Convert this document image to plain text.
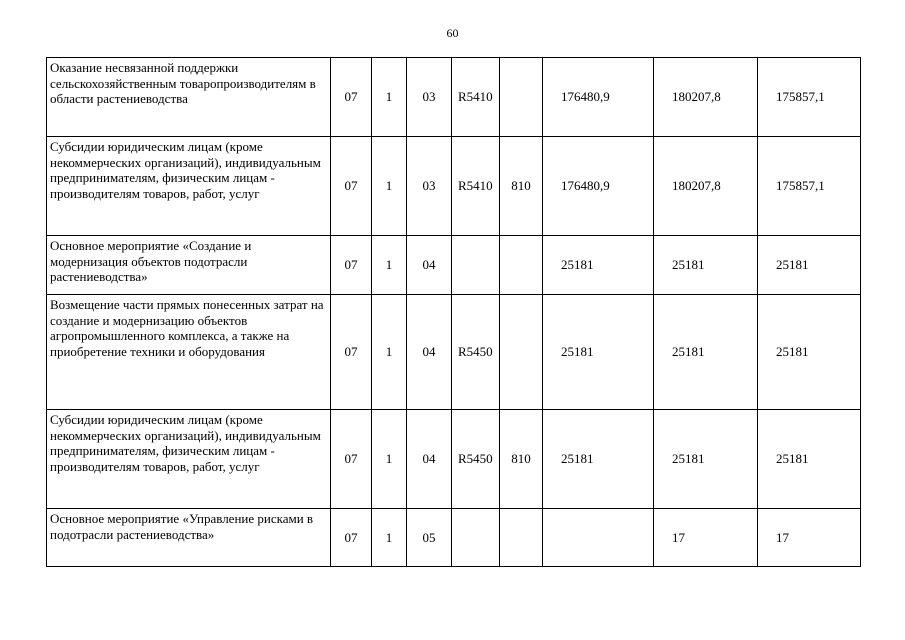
60
Оказание несвязанной поддержки сельскохозяйственным товаропроизводителям в области растениеводства	07	1	03	R5410		176480,9	180207,8	175857,1
Субсидии юридическим лицам (кроме некоммерческих организаций), индивидуальным предпринимателям, физическим лицам - производителям товаров, работ, услуг	07	1	03	R5410	810	176480,9	180207,8	175857,1
Основное мероприятие «Создание и модернизация объектов подотрасли растениеводства»	07	1	04			25181	25181	25181
Возмещение части прямых понесенных затрат на создание и модернизацию объектов агропромышленного комплекса, а также на приобретение техники и оборудования	07	1	04	R5450		25181	25181	25181
Субсидии юридическим лицам (кроме некоммерческих организаций), индивидуальным предпринимателям, физическим лицам - производителям товаров, работ, услуг	07	1	04	R5450	810	25181	25181	25181
Основное мероприятие «Управление рисками в подотрасли растениеводства»	07	1	05				17	17
